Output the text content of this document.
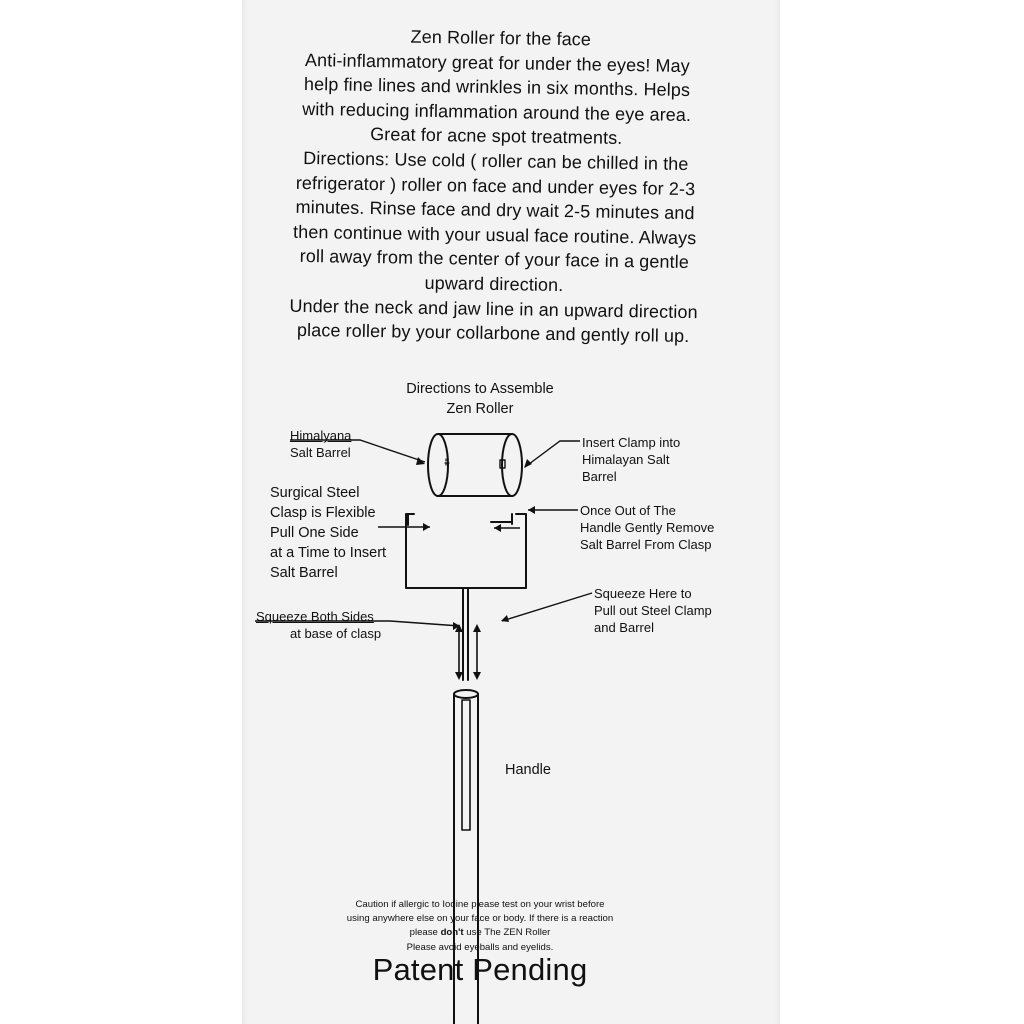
Zen Roller for the face
Anti-inflammatory great for under the eyes! May
help fine lines and wrinkles in six months. Helps
with reducing inflammation around the eye area.
Great for acne spot treatments.
Directions: Use cold ( roller can be chilled in the
refrigerator ) roller on face and under eyes for 2-3
minutes. Rinse face and dry wait 2-5 minutes and
then continue with your usual face routine. Always
roll away from the center of your face in a gentle
upward direction.
Under the neck and jaw line in an upward direction
place roller by your collarbone and gently roll up.
Directions to Assemble
Zen Roller
Himalyana
Salt Barrel
Insert Clamp into
Himalayan Salt
Barrel
Surgical Steel
Clasp is Flexible
Pull One Side
at a Time to Insert
Salt Barrel
Once Out of The
Handle Gently Remove
Salt Barrel From Clasp
Squeeze Here to
Pull out Steel Clamp
and Barrel
Squeeze Both Sides
at base of clasp
Handle
Caution if allergic to Iodine please test on your wrist before
using anywhere else on your face or body. If there is a reaction
please don't use The ZEN Roller
Please avoid eyeballs and eyelids.
Patent Pending
